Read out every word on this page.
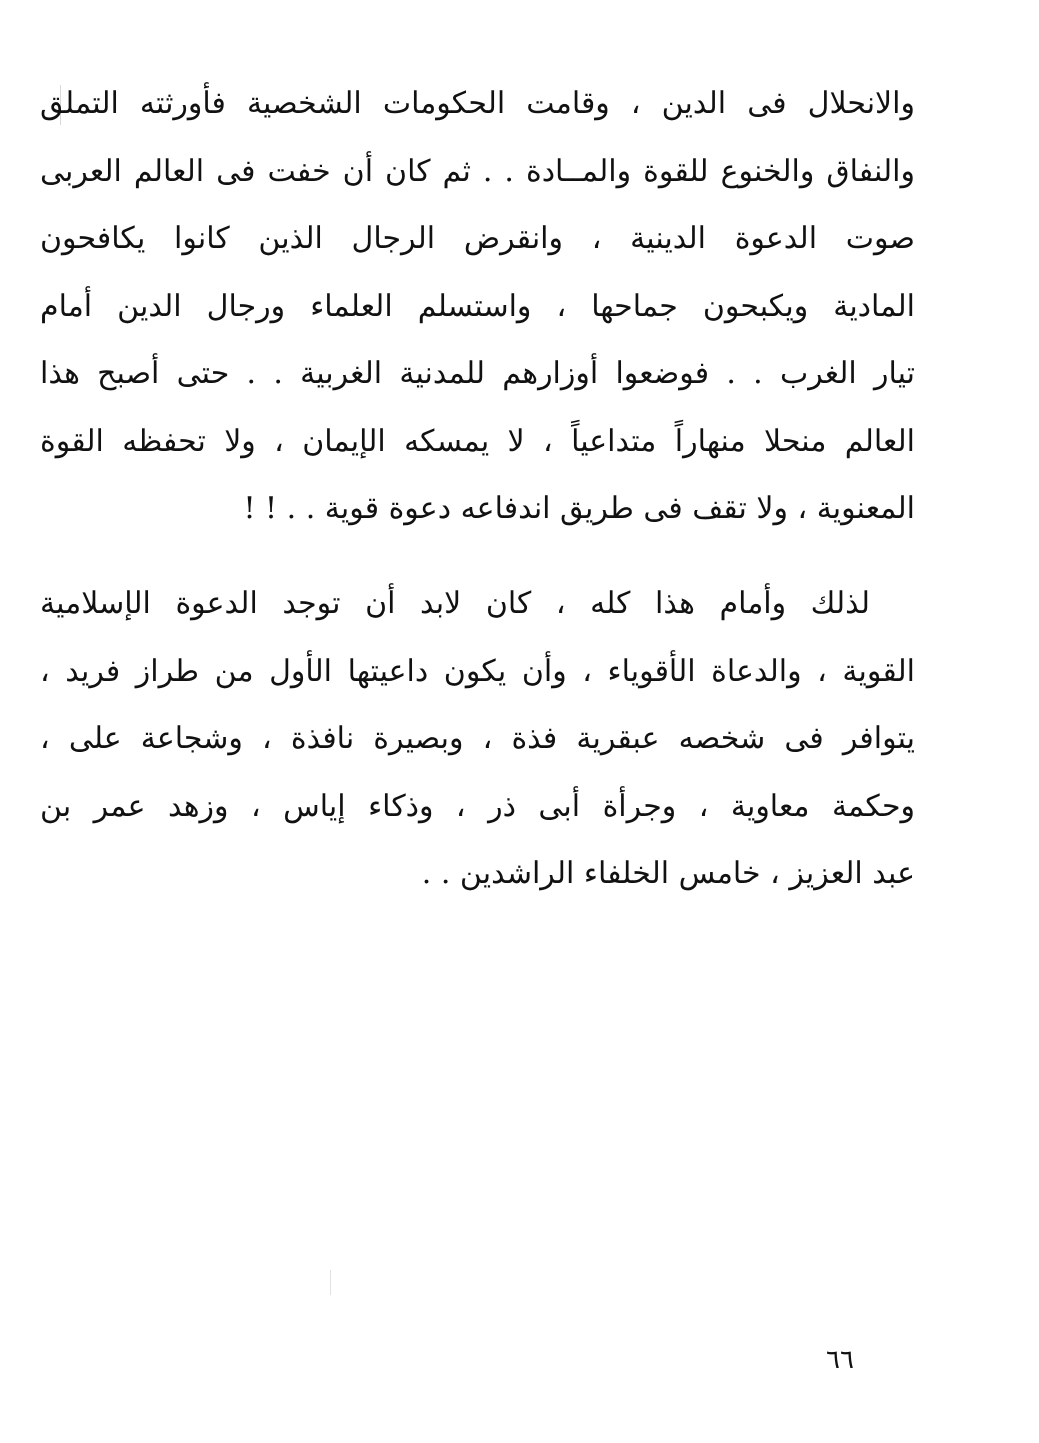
والانحلال فى الدين ، وقامت الحكومات الشخصية فأورثته التملق
والنفاق والخنوع للقوة والمــادة . . ثم كان أن خفت فى العالم العربى
صوت الدعوة الدينية ، وانقرض الرجال الذين كانوا يكافحون
المادية ويكبحون جماحها ، واستسلم العلماء ورجال الدين أمام
تيار الغرب . . فوضعوا أوزارهم للمدنية الغربية . . حتى أصبح هذا
العالم منحلا منهاراً متداعياً ، لا يمسكه الإيمان ، ولا تحفظه القوة
المعنوية ، ولا تقف فى طريق اندفاعه دعوة قوية . . ! !
لذلك وأمام هذا كله ، كان لابد أن توجد الدعوة الإسلامية
القوية ، والدعاة الأقوياء ، وأن يكون داعيتها الأول من طراز فريد ،
يتوافر فى شخصه عبقرية فذة ، وبصيرة نافذة ، وشجاعة على ،
وحكمة معاوية ، وجرأة أبى ذر ، وذكاء إياس ، وزهد عمر بن
عبد العزيز ، خامس الخلفاء الراشدين . .
٦٦
